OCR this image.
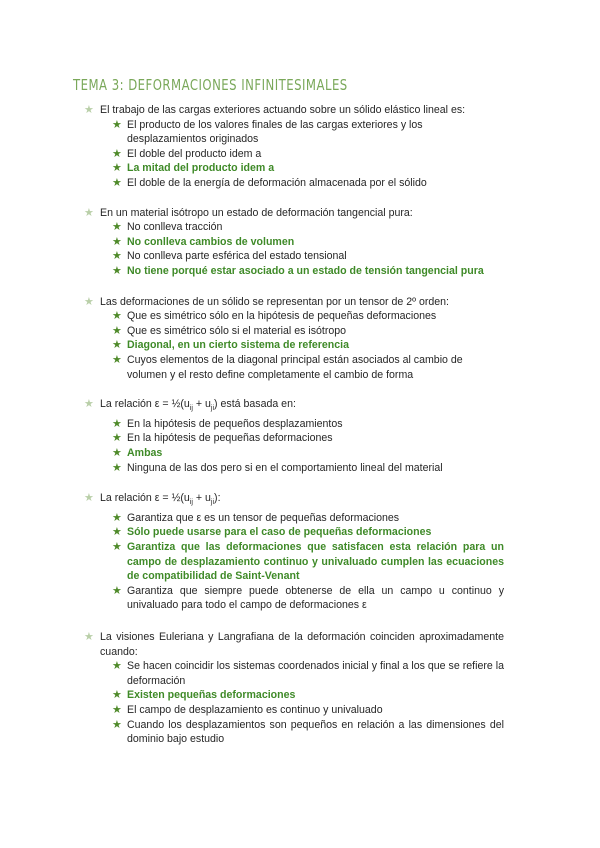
TEMA 3: DEFORMACIONES INFINITESIMALES
★ El trabajo de las cargas exteriores actuando sobre un sólido elástico lineal es:
★ El producto de los valores finales de las cargas exteriores y los desplazamientos originados
★ El doble del producto idem a
★ La mitad del producto idem a
★ El doble de la energía de deformación almacenada por el sólido
★ En un material isótropo un estado de deformación tangencial pura:
★ No conlleva tracción
★ No conlleva cambios de volumen
★ No conlleva parte esférica del estado tensional
★ No tiene porqué estar asociado a un estado de tensión tangencial pura
★ Las deformaciones de un sólido se representan por un tensor de 2º orden:
★ Que es simétrico sólo en la hipótesis de pequeñas deformaciones
★ Que es simétrico sólo si el material es isótropo
★ Diagonal, en un cierto sistema de referencia
★ Cuyos elementos de la diagonal principal están asociados al cambio de volumen y el resto define completamente el cambio de forma
★ La relación $\varepsilon = \frac{1}{2}(u_{ij} + u_{ji})$ está basada en:
★ En la hipótesis de pequeños desplazamientos
★ En la hipótesis de pequeñas deformaciones
★ Ambas
★ Ninguna de las dos pero si en el comportamiento lineal del material
★ La relación $\varepsilon = \frac{1}{2}(u_{ij} + u_{ji})$:
★ Garantiza que ε es un tensor de pequeñas deformaciones
★ Sólo puede usarse para el caso de pequeñas deformaciones
★ Garantiza que las deformaciones que satisfacen esta relación para un campo de desplazamiento continuo y univaluado cumplen las ecuaciones de compatibilidad de Saint-Venant
★ Garantiza que siempre puede obtenerse de ella un campo u continuo y univaluado para todo el campo de deformaciones ε
★ La visiones Euleriana y Langrafiana de la deformación coinciden aproximadamente cuando:
★ Se hacen coincidir los sistemas coordenados inicial y final a los que se refiere la deformación
★ Existen pequeñas deformaciones
★ El campo de desplazamiento es continuo y univaluado
★ Cuando los desplazamientos son pequeños en relación a las dimensiones del dominio bajo estudio
